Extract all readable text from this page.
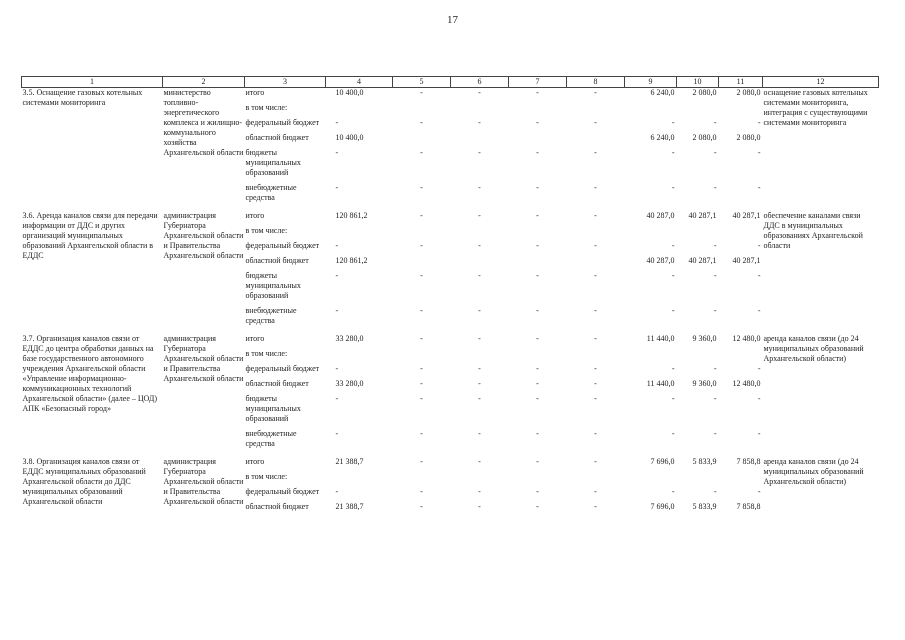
17
1	2	3	4	5	6	7	8	9	10	11	12
3.5. Оснащение газовых котельных системами мониторинга	министерство топливно-энергетического комплекса и жилищно-коммунального хозяйства Архангельской области	итого	10 400,0	-	-	-	-	6 240,0	2 080,0	2 080,0	оснащение газовых котельных системами мониторинга, интеграция с существующими системами мониторинга
		в том числе:									
		федеральный бюджет	-	-	-	-	-	-	-	-	
		областной бюджет	10 400,0					6 240,0	2 080,0	2 080,0	
		бюджеты муниципальных образований	-	-	-	-	-	-	-	-	
		внебюджетные средства	-	-	-	-	-	-	-	-	
3.6. Аренда каналов связи для передачи информации от ДДС и других организаций муниципальных образований Архангельской области в ЕДДС	администрация Губернатора Архангельской области и Правительства Архангельской области	итого	120 861,2	-	-	-	-	40 287,0	40 287,1	40 287,1	обеспечение каналами связи ДДС в муниципальных образованиях Архангельской области
		в том числе:									
		федеральный бюджет	-	-	-	-	-	-	-	-	
		областной бюджет	120 861,2					40 287,0	40 287,1	40 287,1	
		бюджеты муниципальных образований	-	-	-	-	-	-	-	-	
		внебюджетные средства	-	-	-	-	-	-	-	-	
3.7. Организация каналов связи от ЕДДС до центра обработки данных на базе государственного автономного учреждения Архангельской области «Управление информационно-коммуникационных технологий Архангельской области» (далее – ЦОД) АПК «Безопасный город»	администрация Губернатора Архангельской области и Правительства Архангельской области	итого	33 280,0	-	-	-	-	11 440,0	9 360,0	12 480,0	аренда каналов связи (до 24 муниципальных образований Архангельской области)
		в том числе:									
		федеральный бюджет	-	-	-	-	-	-	-	-	
		областной бюджет	33 280,0	-	-	-	-	11 440,0	9 360,0	12 480,0	
		бюджеты муниципальных образований	-	-	-	-	-	-	-	-	
		внебюджетные средства	-	-	-	-	-	-	-	-	
3.8. Организация каналов связи от ЕДДС муниципальных образований Архангельской области до ДДС муниципальных образований Архангельской области	администрация Губернатора Архангельской области и Правительства Архангельской области	итого	21 388,7	-	-	-	-	7 696,0	5 833,9	7 858,8	аренда каналов связи (до 24 муниципальных образований Архангельской области)
		в том числе:									
		федеральный бюджет	-	-	-	-	-	-	-	-	
		областной бюджет	21 388,7	-	-	-	-	7 696,0	5 833,9	7 858,8	
